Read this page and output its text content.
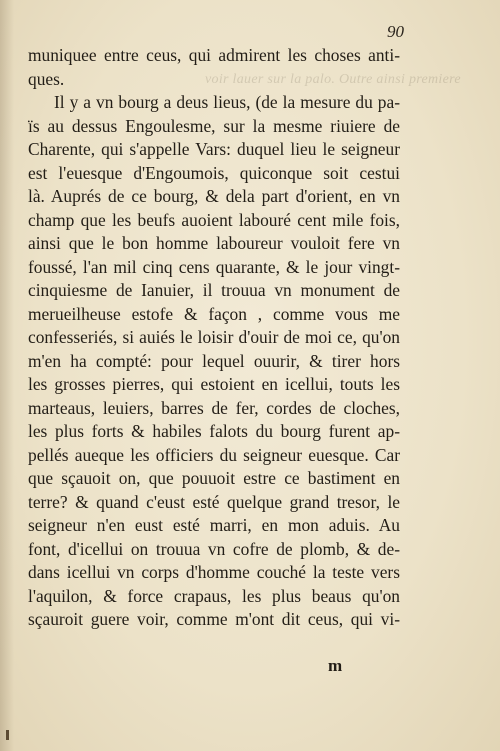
voir lauer sur la palo. Outre ainsi premiere
90
muniquee entre ceus, qui admirent les choses anti-
ques.
Il y a vn bourg a deus lieus, (de la mesure du pa-
ïs au dessus Engoulesme, sur la mesme riuiere de
Charente, qui s'appelle Vars: duquel lieu le seigneur
est l'euesque d'Engoumois, quiconque soit cestui
là. Auprés de ce bourg, & dela part d'orient, en vn
champ que les beufs auoient labouré cent mile fois,
ainsi que le bon homme laboureur vouloit fere vn
foussé, l'an mil cinq cens quarante, & le jour vingt-
cinquiesme de Ianuier, il trouua vn monument de
merueilheuse estofe & façon , comme vous me
confesseriés, si auiés le loisir d'ouir de moi ce, qu'on
m'en ha compté: pour lequel ouurir, & tirer hors
les grosses pierres, qui estoient en icellui, touts les
marteaus, leuiers, barres de fer, cordes de cloches,
les plus forts & habiles falots du bourg furent ap-
pellés aueque les officiers du seigneur euesque. Car
que sçauoit on, que pouuoit estre ce bastiment en
terre? & quand c'eust esté quelque grand tresor, le
seigneur n'en eust esté marri, en mon aduis. Au
font, d'icellui on trouua vn cofre de plomb, & de-
dans icellui vn corps d'homme couché la teste vers
l'aquilon, & force crapaus, les plus beaus qu'on
sçauroit guere voir, comme m'ont dit ceus, qui vi-
m
